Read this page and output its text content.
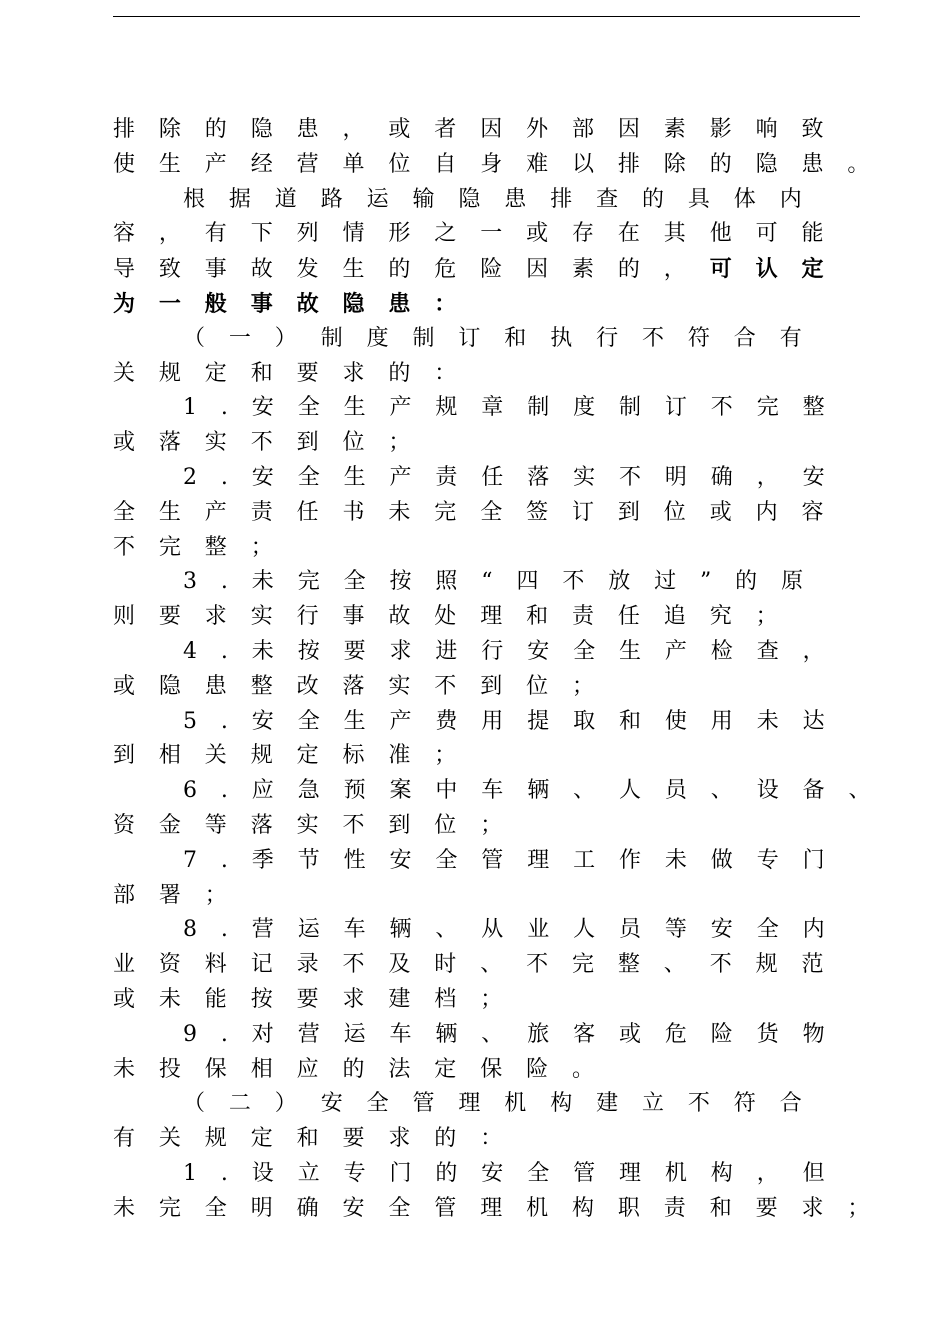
排除的隐患，或者因外部因素影响致
使生产经营单位自身难以排除的隐患。
根据道路运输隐患排查的具体内
容，有下列情形之一或存在其他可能
导致事故发生的危险因素的，可认定
为一般事故隐患：
（一）制度制订和执行不符合有
关规定和要求的：
1.安全生产规章制度制订不完整
或落实不到位；
2.安全生产责任落实不明确，安
全生产责任书未完全签订到位或内容
不完整；
3.未完全按照“四不放过”的原
则要求实行事故处理和责任追究；
4.未按要求进行安全生产检查，
或隐患整改落实不到位；
5.安全生产费用提取和使用未达
到相关规定标准；
6.应急预案中车辆、人员、设备、
资金等落实不到位；
7.季节性安全管理工作未做专门
部署；
8.营运车辆、从业人员等安全内
业资料记录不及时、不完整、不规范
或未能按要求建档；
9.对营运车辆、旅客或危险货物
未投保相应的法定保险。
（二）安全管理机构建立不符合
有关规定和要求的：
1.设立专门的安全管理机构，但
未完全明确安全管理机构职责和要求；
